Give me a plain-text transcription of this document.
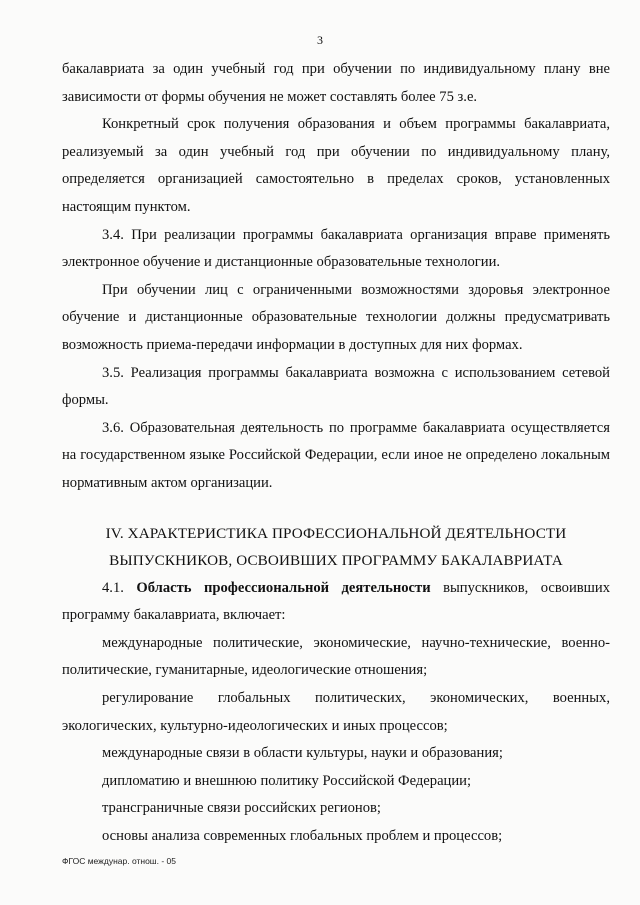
3

бакалавриата за один учебный год при обучении по индивидуальному плану вне зависимости от формы обучения не может составлять более 75 з.е.

Конкретный срок получения образования и объем программы бакалавриата, реализуемый за один учебный год при обучении по индивидуальному плану, определяется организацией самостоятельно в пределах сроков, установленных настоящим пунктом.

3.4. При реализации программы бакалавриата организация вправе применять электронное обучение и дистанционные образовательные технологии.

При обучении лиц с ограниченными возможностями здоровья электронное обучение и дистанционные образовательные технологии должны предусматривать возможность приема-передачи информации в доступных для них формах.

3.5. Реализация программы бакалавриата возможна с использованием сетевой формы.

3.6. Образовательная деятельность по программе бакалавриата осуществляется на государственном языке Российской Федерации, если иное не определено локальным нормативным актом организации.

IV. ХАРАКТЕРИСТИКА ПРОФЕССИОНАЛЬНОЙ ДЕЯТЕЛЬНОСТИ
ВЫПУСКНИКОВ, ОСВОИВШИХ ПРОГРАММУ БАКАЛАВРИАТА

4.1. Область профессиональной деятельности выпускников, освоивших программу бакалавриата, включает:

международные политические, экономические, научно-технические, военно-политические, гуманитарные, идеологические отношения;

регулирование глобальных политических, экономических, военных, экологических, культурно-идеологических и иных процессов;

международные связи в области культуры, науки и образования;

дипломатию и внешнюю политику Российской Федерации;

трансграничные связи российских регионов;

основы анализа современных глобальных проблем и процессов;

ФГОС междунар. отнош. - 05
